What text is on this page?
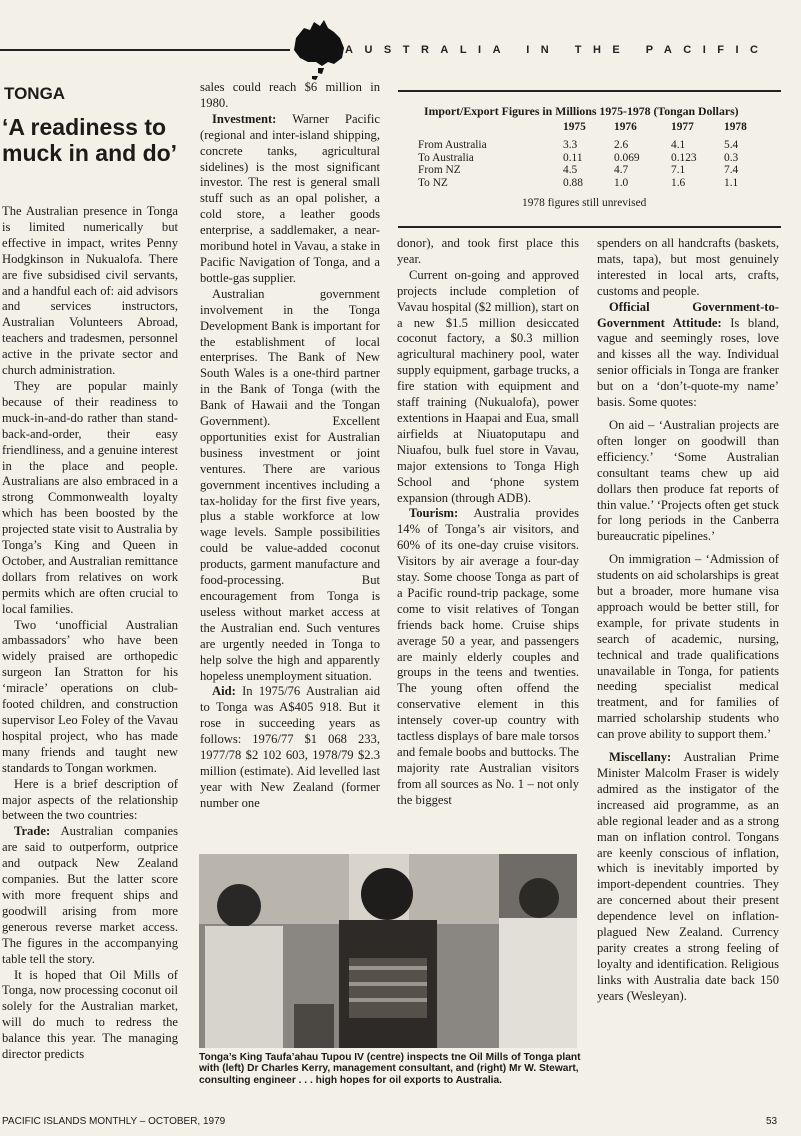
AUSTRALIA IN THE PACIFIC
TONGA
‘A readiness to muck in and do’

The Australian presence in Tonga is limited numerically but effective in impact, writes Penny Hodgkinson in Nukualofa. There are five subsidised civil servants, and a handful each of: aid advisors and services instructors, Australian Volunteers Abroad, teachers and tradesmen, personnel active in the private sector and church administration.

They are popular mainly because of their readiness to muck-in-and-do rather than stand-back-and-order, their easy friendliness, and a genuine interest in the place and people. Australians are also embraced in a strong Commonwealth loyalty which has been boosted by the projected state visit to Australia by Tonga’s King and Queen in October, and Australian remittance dollars from relatives on work permits which are often crucial to local families.

Two ‘unofficial Australian ambassadors’ who have been widely praised are orthopedic surgeon Ian Stratton for his ‘miracle’ operations on club-footed children, and construction supervisor Leo Foley of the Vavau hospital project, who has made many friends and taught new standards to Tongan workmen.

Here is a brief description of major aspects of the relationship between the two countries:

Trade: Australian companies are said to outperform, outprice and outpack New Zealand companies. But the latter score with more frequent ships and goodwill arising from more generous reverse market access. The figures in the accompanying table tell the story.

It is hoped that Oil Mills of Tonga, now processing coconut oil solely for the Australian market, will do much to redress the balance this year. The managing director predicts

sales could reach $6 million in 1980.

Investment: Warner Pacific (regional and inter-island shipping, concrete tanks, agricultural sidelines) is the most significant investor. The rest is general small stuff such as an opal polisher, a cold store, a leather goods enterprise, a saddlemaker, a near-moribund hotel in Vavau, a stake in Pacific Navigation of Tonga, and a bottle-gas supplier.

Australian government involvement in the Tonga Development Bank is important for the establishment of local enterprises. The Bank of New South Wales is a one-third partner in the Bank of Tonga (with the Bank of Hawaii and the Tongan Government). Excellent opportunities exist for Australian business investment or joint ventures. There are various government incentives including a tax-holiday for the first five years, plus a stable workforce at low wage levels. Sample possibilities could be value-added coconut products, garment manufacture and food-processing. But encouragement from Tonga is useless without market access at the Australian end. Such ventures are urgently needed in Tonga to help solve the high and apparently hopeless unemployment situation.

Aid: In 1975/76 Australian aid to Tonga was A$405 918. But it rose in succeeding years as follows: 1976/77 $1 068 233, 1977/78 $2 102 603, 1978/79 $2.3 million (estimate). Aid levelled last year with New Zealand (former number one

Import/Export Figures in Millions 1975-1978 (Tongan Dollars)
	1975	1976	1977	1978

From Australia	3.3	2.6	4.1	5.4
To Australia	0.11	0.069	0.123	0.3
From NZ	4.5	4.7	7.1	7.4
To NZ	0.88	1.0	1.6	1.1
1978 figures still unrevised

donor), and took first place this year.

Current on-going and approved projects include completion of Vavau hospital ($2 million), start on a new $1.5 million desiccated coconut factory, a $0.3 million agricultural machinery pool, water supply equipment, garbage trucks, a fire station with equipment and staff training (Nukualofa), power extentions in Haapai and Eua, small airfields at Niuatoputapu and Niuafou, bulk fuel store in Vavau, major extensions to Tonga High School and ‘phone system expansion (through ADB).

Tourism: Australia provides 14% of Tonga’s air visitors, and 60% of its one-day cruise visitors. Visitors by air average a four-day stay. Some choose Tonga as part of a Pacific round-trip package, some come to visit relatives of Tongan friends back home. Cruise ships average 50 a year, and passengers are mainly elderly couples and groups in the teens and twenties. The young often offend the conservative element in this intensely cover-up country with tactless displays of bare male torsos and female boobs and buttocks. The majority rate Australian visitors from all sources as No. 1 – not only the biggest

spenders on all handcrafts (baskets, mats, tapa), but most genuinely interested in local arts, crafts, customs and people.

Official Government-to-Government Attitude: Is bland, vague and seemingly roses, love and kisses all the way. Individual senior officials in Tonga are franker but on a ‘don’t-quote-my name’ basis. Some quotes:

On aid – ‘Australian projects are often longer on goodwill than efficiency.’ ‘Some Australian consultant teams chew up aid dollars then produce fat reports of thin value.’ ‘Projects often get stuck for long periods in the Canberra bureaucratic pipelines.’

On immigration – ‘Admission of students on aid scholarships is great but a broader, more humane visa approach would be better still, for example, for private students in search of academic, nursing, technical and trade qualifications unavailable in Tonga, for patients needing specialist medical treatment, and for families of married scholarship students who can prove ability to support them.’

Miscellany: Australian Prime Minister Malcolm Fraser is widely admired as the instigator of the increased aid programme, as an able regional leader and as a strong man on inflation control. Tongans are keenly conscious of inflation, which is inevitably imported by import-dependent countries. They are concerned about their present dependence level on inflation-plagued New Zealand. Currency parity creates a strong feeling of loyalty and identification. Religious links with Australia date back 150 years (Wesleyan).

Tonga’s King Taufa’ahau Tupou IV (centre) inspects tne Oil Mills of Tonga plant with (left) Dr Charles Kerry, management consultant, and (right) Mr W. Stewart, consulting engineer . . . high hopes for oil exports to Australia.
PACIFIC ISLANDS MONTHLY – OCTOBER, 1979	53
